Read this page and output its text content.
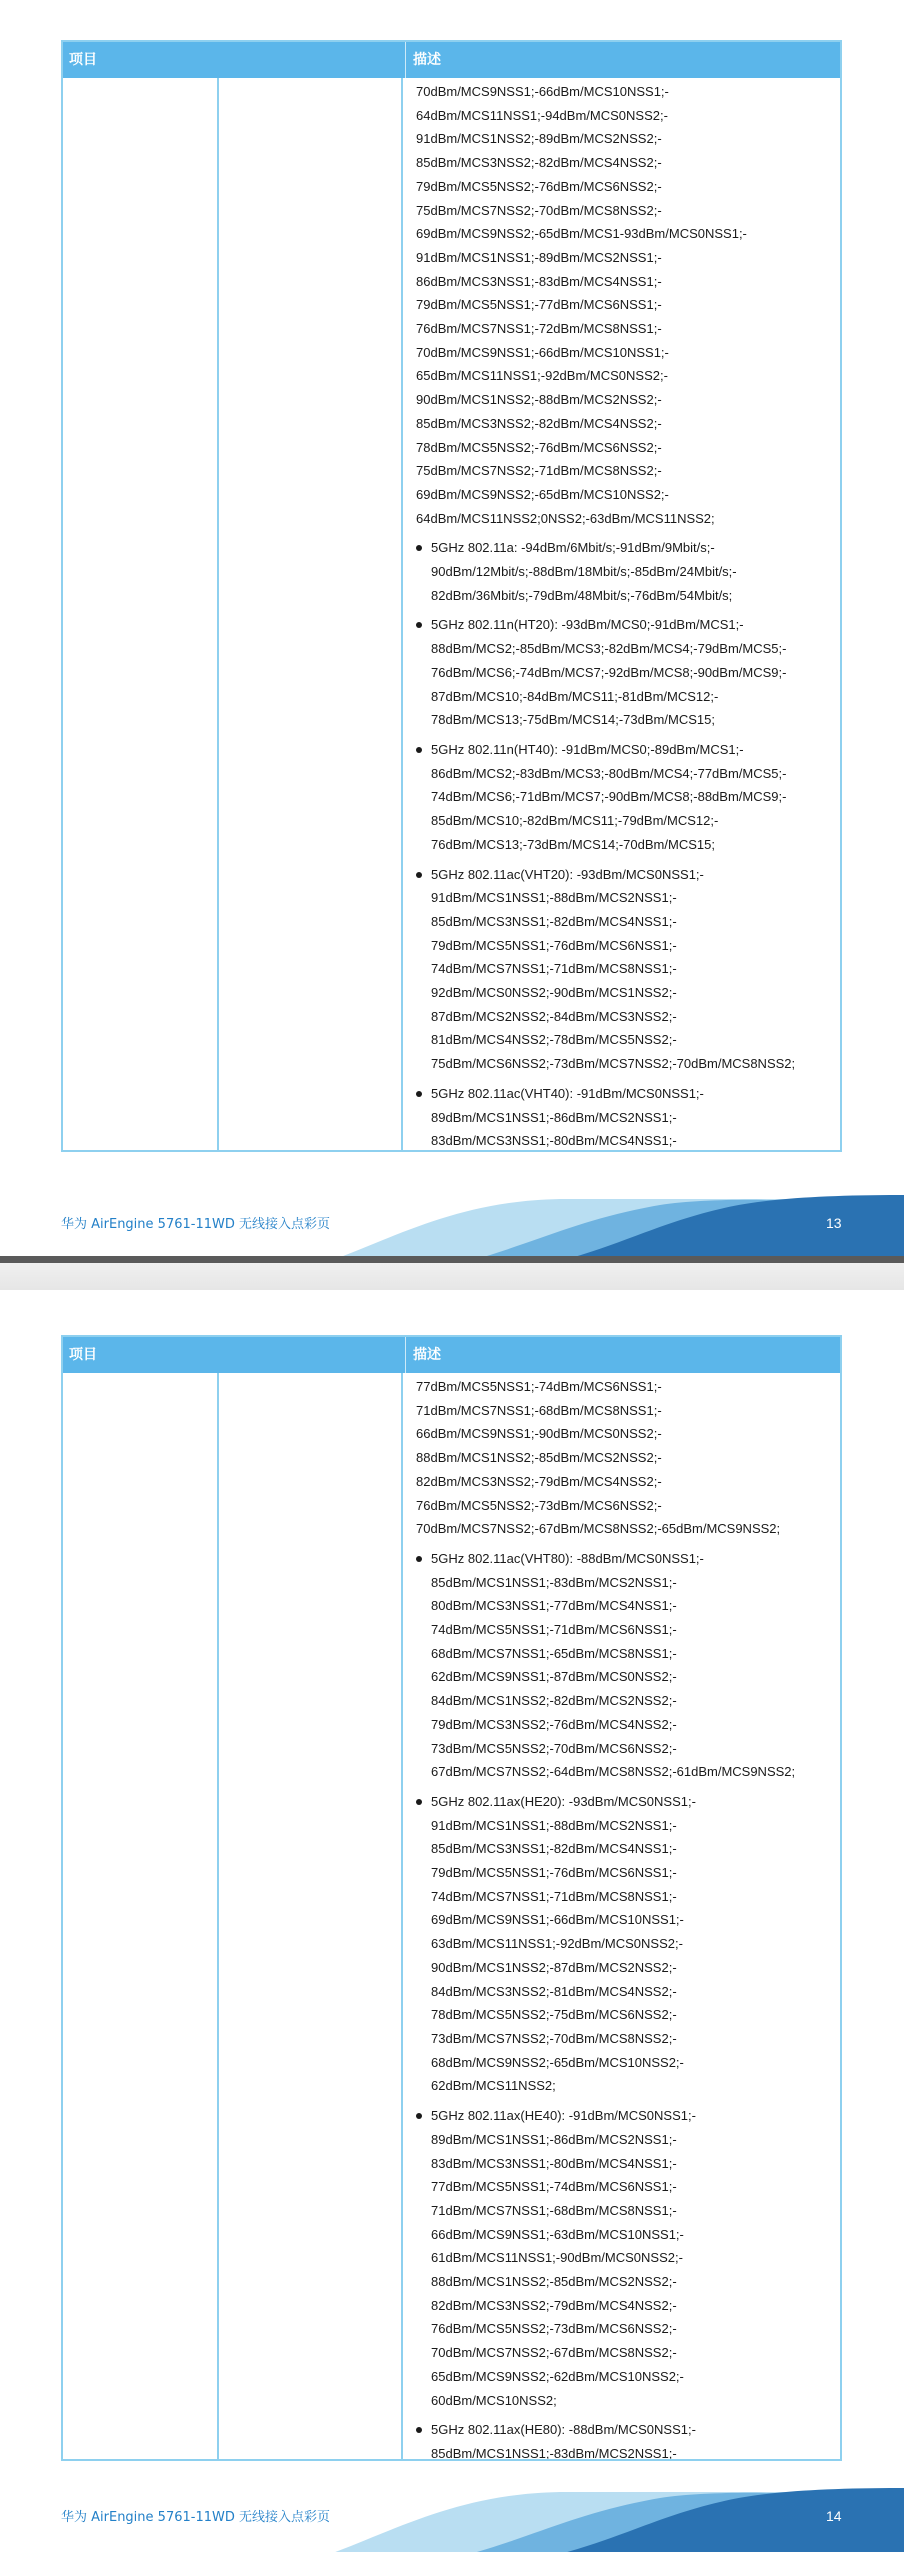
项目	描述
70dBm/MCS9NSS1;-66dBm/MCS10NSS1;-
64dBm/MCS11NSS1;-94dBm/MCS0NSS2;-
91dBm/MCS1NSS2;-89dBm/MCS2NSS2;-
85dBm/MCS3NSS2;-82dBm/MCS4NSS2;-
79dBm/MCS5NSS2;-76dBm/MCS6NSS2;-
75dBm/MCS7NSS2;-70dBm/MCS8NSS2;-
69dBm/MCS9NSS2;-65dBm/MCS1-93dBm/MCS0NSS1;-
91dBm/MCS1NSS1;-89dBm/MCS2NSS1;-
86dBm/MCS3NSS1;-83dBm/MCS4NSS1;-
79dBm/MCS5NSS1;-77dBm/MCS6NSS1;-
76dBm/MCS7NSS1;-72dBm/MCS8NSS1;-
70dBm/MCS9NSS1;-66dBm/MCS10NSS1;-
65dBm/MCS11NSS1;-92dBm/MCS0NSS2;-
90dBm/MCS1NSS2;-88dBm/MCS2NSS2;-
85dBm/MCS3NSS2;-82dBm/MCS4NSS2;-
78dBm/MCS5NSS2;-76dBm/MCS6NSS2;-
75dBm/MCS7NSS2;-71dBm/MCS8NSS2;-
69dBm/MCS9NSS2;-65dBm/MCS10NSS2;-
64dBm/MCS11NSS2;0NSS2;-63dBm/MCS11NSS2;
5GHz 802.11a: -94dBm/6Mbit/s;-91dBm/9Mbit/s;-
90dBm/12Mbit/s;-88dBm/18Mbit/s;-85dBm/24Mbit/s;-
82dBm/36Mbit/s;-79dBm/48Mbit/s;-76dBm/54Mbit/s;
5GHz 802.11n(HT20): -93dBm/MCS0;-91dBm/MCS1;-
88dBm/MCS2;-85dBm/MCS3;-82dBm/MCS4;-79dBm/MCS5;-
76dBm/MCS6;-74dBm/MCS7;-92dBm/MCS8;-90dBm/MCS9;-
87dBm/MCS10;-84dBm/MCS11;-81dBm/MCS12;-
78dBm/MCS13;-75dBm/MCS14;-73dBm/MCS15;
5GHz 802.11n(HT40): -91dBm/MCS0;-89dBm/MCS1;-
86dBm/MCS2;-83dBm/MCS3;-80dBm/MCS4;-77dBm/MCS5;-
74dBm/MCS6;-71dBm/MCS7;-90dBm/MCS8;-88dBm/MCS9;-
85dBm/MCS10;-82dBm/MCS11;-79dBm/MCS12;-
76dBm/MCS13;-73dBm/MCS14;-70dBm/MCS15;
5GHz 802.11ac(VHT20): -93dBm/MCS0NSS1;-
91dBm/MCS1NSS1;-88dBm/MCS2NSS1;-
85dBm/MCS3NSS1;-82dBm/MCS4NSS1;-
79dBm/MCS5NSS1;-76dBm/MCS6NSS1;-
74dBm/MCS7NSS1;-71dBm/MCS8NSS1;-
92dBm/MCS0NSS2;-90dBm/MCS1NSS2;-
87dBm/MCS2NSS2;-84dBm/MCS3NSS2;-
81dBm/MCS4NSS2;-78dBm/MCS5NSS2;-
75dBm/MCS6NSS2;-73dBm/MCS7NSS2;-70dBm/MCS8NSS2;
5GHz 802.11ac(VHT40): -91dBm/MCS0NSS1;-
89dBm/MCS1NSS1;-86dBm/MCS2NSS1;-
83dBm/MCS3NSS1;-80dBm/MCS4NSS1;-
华为 AirEngine 5761-11WD 无线接入点彩页	13
项目	描述
77dBm/MCS5NSS1;-74dBm/MCS6NSS1;-
71dBm/MCS7NSS1;-68dBm/MCS8NSS1;-
66dBm/MCS9NSS1;-90dBm/MCS0NSS2;-
88dBm/MCS1NSS2;-85dBm/MCS2NSS2;-
82dBm/MCS3NSS2;-79dBm/MCS4NSS2;-
76dBm/MCS5NSS2;-73dBm/MCS6NSS2;-
70dBm/MCS7NSS2;-67dBm/MCS8NSS2;-65dBm/MCS9NSS2;
5GHz 802.11ac(VHT80): -88dBm/MCS0NSS1;-
85dBm/MCS1NSS1;-83dBm/MCS2NSS1;-
80dBm/MCS3NSS1;-77dBm/MCS4NSS1;-
74dBm/MCS5NSS1;-71dBm/MCS6NSS1;-
68dBm/MCS7NSS1;-65dBm/MCS8NSS1;-
62dBm/MCS9NSS1;-87dBm/MCS0NSS2;-
84dBm/MCS1NSS2;-82dBm/MCS2NSS2;-
79dBm/MCS3NSS2;-76dBm/MCS4NSS2;-
73dBm/MCS5NSS2;-70dBm/MCS6NSS2;-
67dBm/MCS7NSS2;-64dBm/MCS8NSS2;-61dBm/MCS9NSS2;
5GHz 802.11ax(HE20): -93dBm/MCS0NSS1;-
91dBm/MCS1NSS1;-88dBm/MCS2NSS1;-
85dBm/MCS3NSS1;-82dBm/MCS4NSS1;-
79dBm/MCS5NSS1;-76dBm/MCS6NSS1;-
74dBm/MCS7NSS1;-71dBm/MCS8NSS1;-
69dBm/MCS9NSS1;-66dBm/MCS10NSS1;-
63dBm/MCS11NSS1;-92dBm/MCS0NSS2;-
90dBm/MCS1NSS2;-87dBm/MCS2NSS2;-
84dBm/MCS3NSS2;-81dBm/MCS4NSS2;-
78dBm/MCS5NSS2;-75dBm/MCS6NSS2;-
73dBm/MCS7NSS2;-70dBm/MCS8NSS2;-
68dBm/MCS9NSS2;-65dBm/MCS10NSS2;-
62dBm/MCS11NSS2;
5GHz 802.11ax(HE40): -91dBm/MCS0NSS1;-
89dBm/MCS1NSS1;-86dBm/MCS2NSS1;-
83dBm/MCS3NSS1;-80dBm/MCS4NSS1;-
77dBm/MCS5NSS1;-74dBm/MCS6NSS1;-
71dBm/MCS7NSS1;-68dBm/MCS8NSS1;-
66dBm/MCS9NSS1;-63dBm/MCS10NSS1;-
61dBm/MCS11NSS1;-90dBm/MCS0NSS2;-
88dBm/MCS1NSS2;-85dBm/MCS2NSS2;-
82dBm/MCS3NSS2;-79dBm/MCS4NSS2;-
76dBm/MCS5NSS2;-73dBm/MCS6NSS2;-
70dBm/MCS7NSS2;-67dBm/MCS8NSS2;-
65dBm/MCS9NSS2;-62dBm/MCS10NSS2;-
60dBm/MCS10NSS2;
5GHz 802.11ax(HE80): -88dBm/MCS0NSS1;-
85dBm/MCS1NSS1;-83dBm/MCS2NSS1;-
华为 AirEngine 5761-11WD 无线接入点彩页	14
